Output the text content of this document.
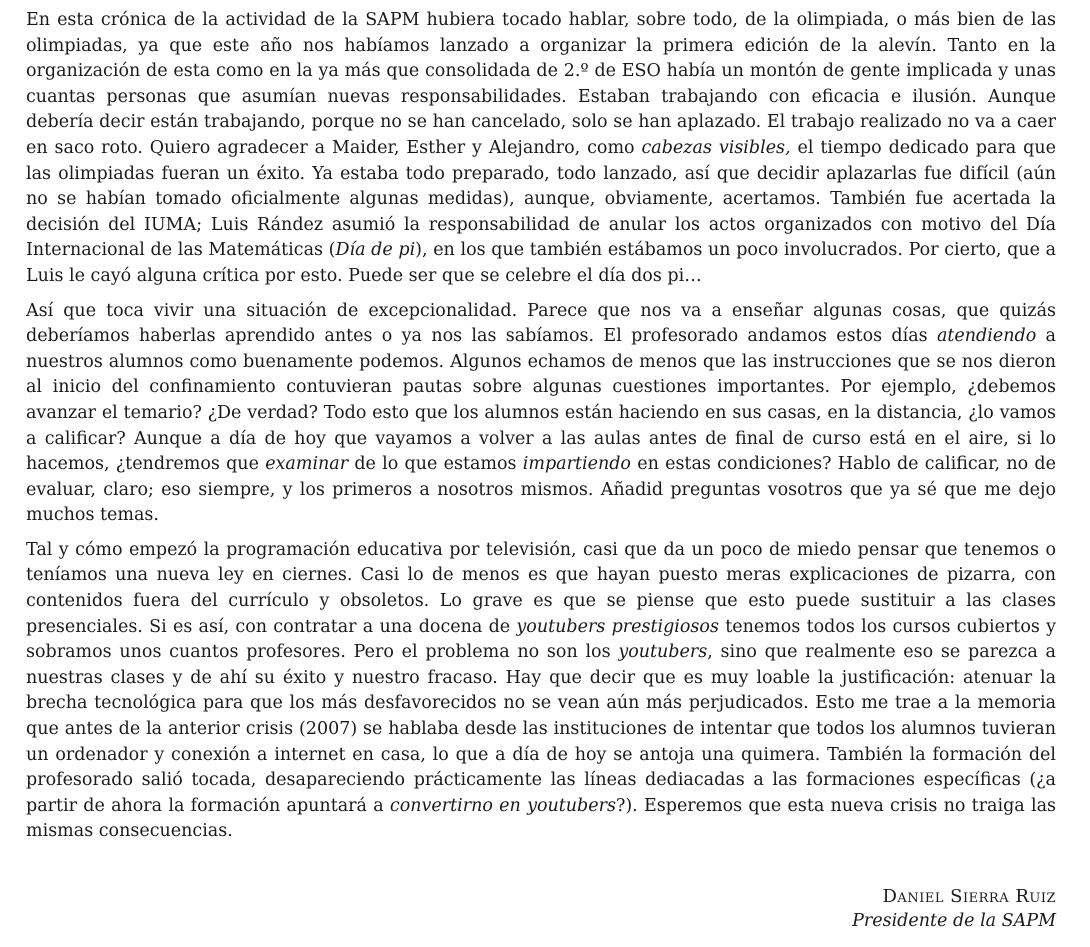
En esta crónica de la actividad de la SAPM hubiera tocado hablar, sobre todo, de la olimpiada, o más bien de las olimpiadas, ya que este año nos habíamos lanzado a organizar la primera edición de la alevín. Tanto en la organización de esta como en la ya más que consolidada de 2.º de ESO había un montón de gente implicada y unas cuantas personas que asumían nuevas responsabilidades. Estaban trabajando con eficacia e ilusión. Aunque debería decir están trabajando, porque no se han cancelado, solo se han aplazado. El trabajo realizado no va a caer en saco roto. Quiero agradecer a Maider, Esther y Alejandro, como cabezas visibles, el tiempo dedicado para que las olimpiadas fueran un éxito. Ya estaba todo preparado, todo lanzado, así que decidir aplazarlas fue difícil (aún no se habían tomado oficialmente algunas medidas), aunque, obviamente, acertamos. También fue acertada la decisión del IUMA; Luis Rández asumió la responsabilidad de anular los actos organizados con motivo del Día Internacional de las Matemáticas (Día de pi), en los que también estábamos un poco involucrados. Por cierto, que a Luis le cayó alguna crítica por esto. Puede ser que se celebre el día dos pi…

Así que toca vivir una situación de excepcionalidad. Parece que nos va a enseñar algunas cosas, que quizás deberíamos haberlas aprendido antes o ya nos las sabíamos. El profesorado andamos estos días atendiendo a nuestros alumnos como buenamente podemos. Algunos echamos de menos que las instrucciones que se nos dieron al inicio del confinamiento contuvieran pautas sobre algunas cuestiones importantes. Por ejemplo, ¿debemos avanzar el temario? ¿De verdad? Todo esto que los alumnos están haciendo en sus casas, en la distancia, ¿lo vamos a calificar? Aunque a día de hoy que vayamos a volver a las aulas antes de final de curso está en el aire, si lo hacemos, ¿tendremos que examinar de lo que estamos impartiendo en estas condiciones? Hablo de calificar, no de evaluar, claro; eso siempre, y los primeros a nosotros mismos. Añadid preguntas vosotros que ya sé que me dejo muchos temas.

Tal y cómo empezó la programación educativa por televisión, casi que da un poco de miedo pensar que tenemos o teníamos una nueva ley en ciernes. Casi lo de menos es que hayan puesto meras explicaciones de pizarra, con contenidos fuera del currículo y obsoletos. Lo grave es que se piense que esto puede sustituir a las clases presenciales. Si es así, con contratar a una docena de youtubers prestigiosos tenemos todos los cursos cubiertos y sobramos unos cuantos profesores. Pero el problema no son los youtubers, sino que realmente eso se parezca a nuestras clases y de ahí su éxito y nuestro fracaso. Hay que decir que es muy loable la justificación: atenuar la brecha tecnológica para que los más desfavorecidos no se vean aún más perjudicados. Esto me trae a la memoria que antes de la anterior crisis (2007) se hablaba desde las instituciones de intentar que todos los alumnos tuvieran un ordenador y conexión a internet en casa, lo que a día de hoy se antoja una quimera. También la formación del profesorado salió tocada, desapareciendo prácticamente las líneas dediacadas a las formaciones específicas (¿a partir de ahora la formación apuntará a convertirno en youtubers?). Esperemos que esta nueva crisis no traiga las mismas consecuencias.

Daniel Sierra Ruiz
Presidente de la SAPM
